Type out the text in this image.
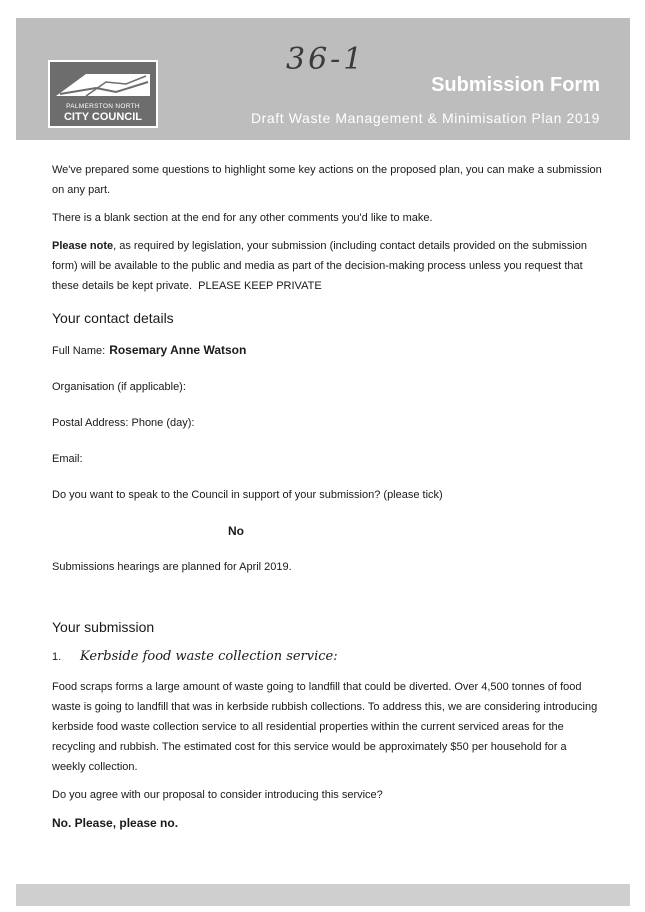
36-1
PALMERSTON NORTH
CITY COUNCIL
Submission Form
Draft Waste Management & Minimisation Plan 2019

We've prepared some questions to highlight some key actions on the proposed plan, you can make a submission on any part.

There is a blank section at the end for any other comments you'd like to make.

Please note, as required by legislation, your submission (including contact details provided on the submission form) will be available to the public and media as part of the decision-making process unless you request that these details be kept private. PLEASE KEEP PRIVATE

Your contact details

Full Name: Rosemary Anne Watson

Organisation (if applicable):

Postal Address: Phone (day):

Email:

Do you want to speak to the Council in support of your submission? (please tick)

No

Submissions hearings are planned for April 2019.

Your submission

1. Kerbside food waste collection service:

Food scraps forms a large amount of waste going to landfill that could be diverted. Over 4,500 tonnes of food waste is going to landfill that was in kerbside rubbish collections. To address this, we are considering introducing kerbside food waste collection service to all residential properties within the current serviced areas for the recycling and rubbish. The estimated cost for this service would be approximately $50 per household for a weekly collection.

Do you agree with our proposal to consider introducing this service?

No. Please, please no.
